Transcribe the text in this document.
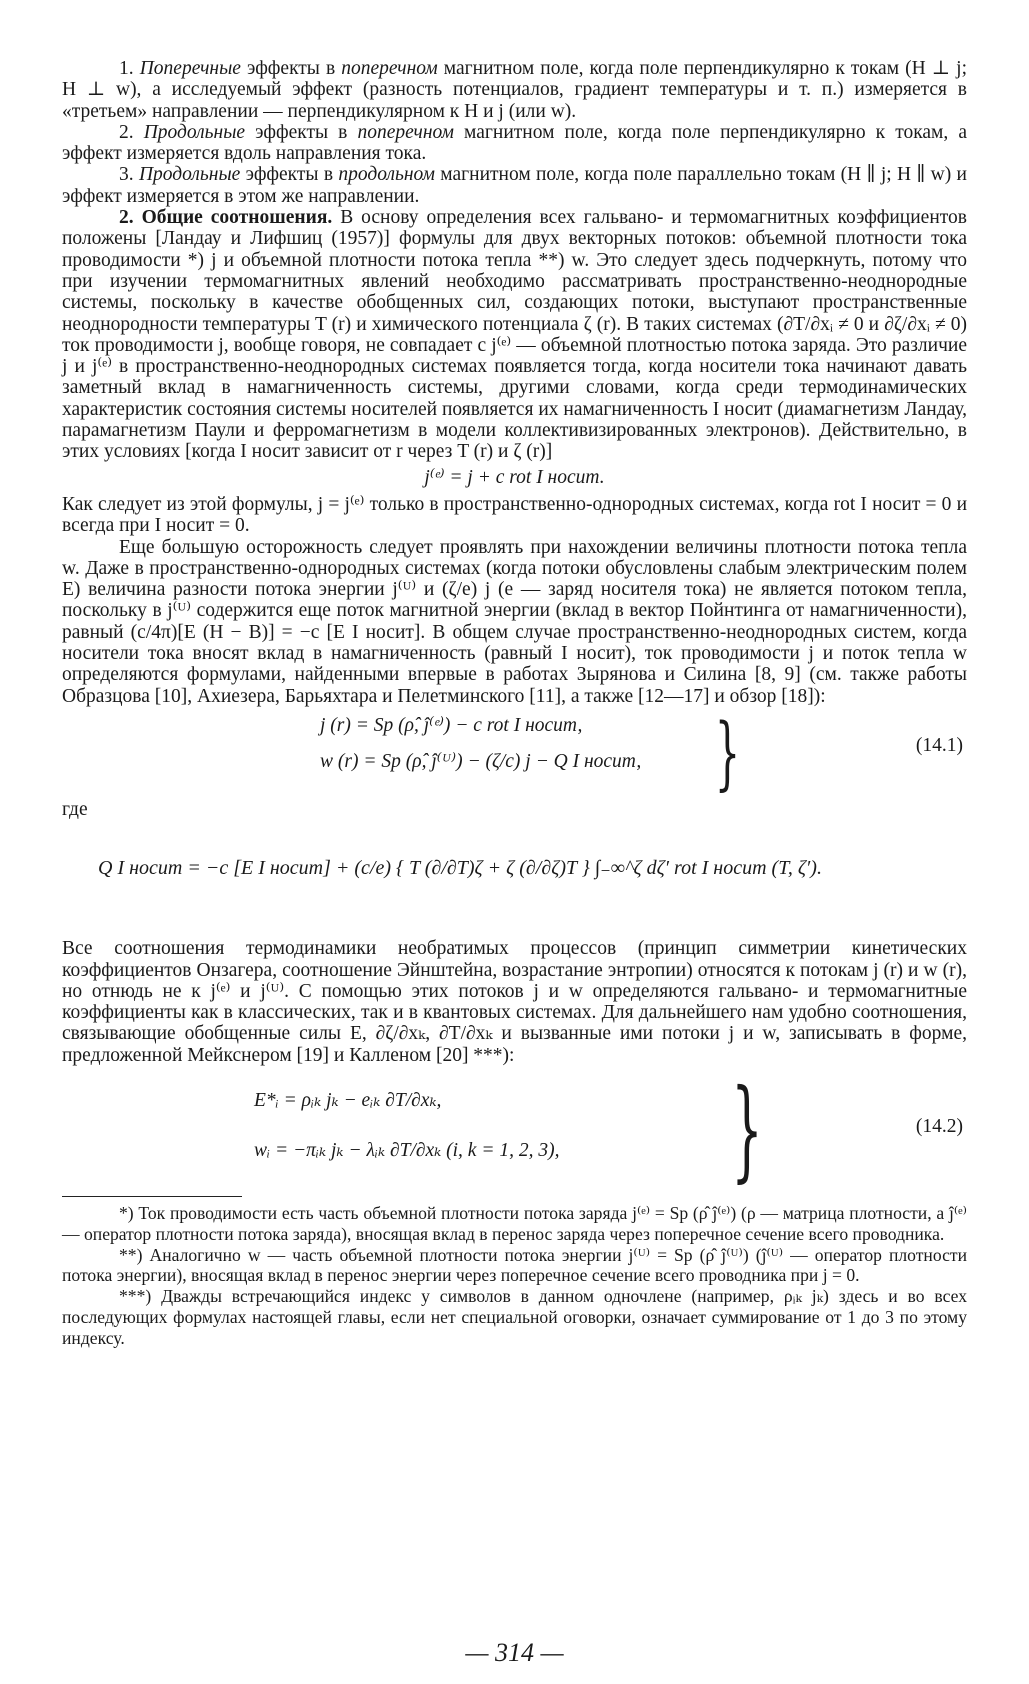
1. Поперечные эффекты в поперечном магнитном поле, когда поле перпендикулярно к токам (H ⊥ j; H ⊥ w), а исследуемый эффект (разность потенциалов, градиент температуры и т. п.) измеряется в «третьем» направлении — перпендикулярном к H и j (или w).

2. Продольные эффекты в поперечном магнитном поле, когда поле перпендикулярно к токам, а эффект измеряется вдоль направления тока.

3. Продольные эффекты в продольном магнитном поле, когда поле параллельно токам (H ∥ j; H ∥ w) и эффект измеряется в этом же направлении.

2. Общие соотношения. В основу определения всех гальвано- и термомагнитных коэффициентов положены [Ландау и Лифшиц (1957)] формулы для двух векторных потоков: объемной плотности тока проводимости *) j и объемной плотности потока тепла **) w. Это следует здесь подчеркнуть, потому что при изучении термомагнитных явлений необходимо рассматривать пространственно-неоднородные системы, поскольку в качестве обобщенных сил, создающих потоки, выступают пространственные неоднородности температуры T (r) и химического потенциала ζ (r). В таких системах (∂T/∂xᵢ ≠ 0 и ∂ζ/∂xᵢ ≠ 0) ток проводимости j, вообще говоря, не совпадает с j⁽ᵉ⁾ — объемной плотностью потока заряда. Это различие j и j⁽ᵉ⁾ в пространственно-неоднородных системах появляется тогда, когда носители тока начинают давать заметный вклад в намагниченность системы, другими словами, когда среди термодинамических характеристик состояния системы носителей появляется их намагниченность I носит (диамагнетизм Ландау, парамагнетизм Паули и ферромагнетизм в модели коллективизированных электронов). Действительно, в этих условиях [когда I носит зависит от r через T (r) и ζ (r)]

j⁽ᵉ⁾ = j + c rot I носит.

Как следует из этой формулы, j = j⁽ᵉ⁾ только в пространственно-однородных системах, когда rot I носит = 0 и всегда при I носит = 0.

Еще большую осторожность следует проявлять при нахождении величины плотности потока тепла w. Даже в пространственно-однородных системах (когда потоки обусловлены слабым электрическим полем E) величина разности потока энергии j⁽ᵁ⁾ и (ζ/e) j (e — заряд носителя тока) не является потоком тепла, поскольку в j⁽ᵁ⁾ содержится еще поток магнитной энергии (вклад в вектор Пойнтинга от намагниченности), равный (c/4π)[E (H − B)] = −c [E I носит]. В общем случае пространственно-неоднородных систем, когда носители тока вносят вклад в намагниченность (равный I носит), ток проводимости j и поток тепла w определяются формулами, найденными впервые в работах Зырянова и Силина [8, 9] (см. также работы Образцова [10], Ахиезера, Барьяхтара и Пелетминского [11], а также [12—17] и обзор [18]):

j (r) = Sp (ρ̂, ĵ⁽ᵉ⁾) − c rot I носит,
w (r) = Sp (ρ̂, ĵ⁽ᵁ⁾) − (ζ/c) j − Q I носит, }	(14.1)

где

Q I носит = −c [E I носит] + (c/e) { T (∂/∂T)ζ + ζ (∂/∂ζ)T } ∫₋∞^ζ dζ′ rot I носит (T, ζ′).

Все соотношения термодинамики необратимых процессов (принцип симметрии кинетических коэффициентов Онзагера, соотношение Эйнштейна, возрастание энтропии) относятся к потокам j (r) и w (r), но отнюдь не к j⁽ᵉ⁾ и j⁽ᵁ⁾. С помощью этих потоков j и w определяются гальвано- и термомагнитные коэффициенты как в классических, так и в квантовых системах. Для дальнейшего нам удобно соотношения, связывающие обобщенные силы E, ∂ζ/∂xₖ, ∂T/∂xₖ и вызванные ими потоки j и w, записывать в форме, предложенной Мейкснером [19] и Калленом [20] ***):

E*ᵢ = ρᵢₖ jₖ − eᵢₖ ∂T/∂xₖ,
wᵢ = −πᵢₖ jₖ − λᵢₖ ∂T/∂xₖ (i, k = 1, 2, 3), }	(14.2)

*) Ток проводимости есть часть объемной плотности потока заряда j⁽ᵉ⁾ = Sp (ρ̂ ĵ⁽ᵉ⁾) (ρ — матрица плотности, а ĵ⁽ᵉ⁾ — оператор плотности потока заряда), вносящая вклад в перенос заряда через поперечное сечение всего проводника.

**) Аналогично w — часть объемной плотности потока энергии j⁽ᵁ⁾ = Sp (ρ̂ ĵ⁽ᵁ⁾) (ĵ⁽ᵁ⁾ — оператор плотности потока энергии), вносящая вклад в перенос энергии через поперечное сечение всего проводника при j = 0.

***) Дважды встречающийся индекс у символов в данном одночлене (например, ρᵢₖ jₖ) здесь и во всех последующих формулах настоящей главы, если нет специальной оговорки, означает суммирование от 1 до 3 по этому индексу.

— 314 —
